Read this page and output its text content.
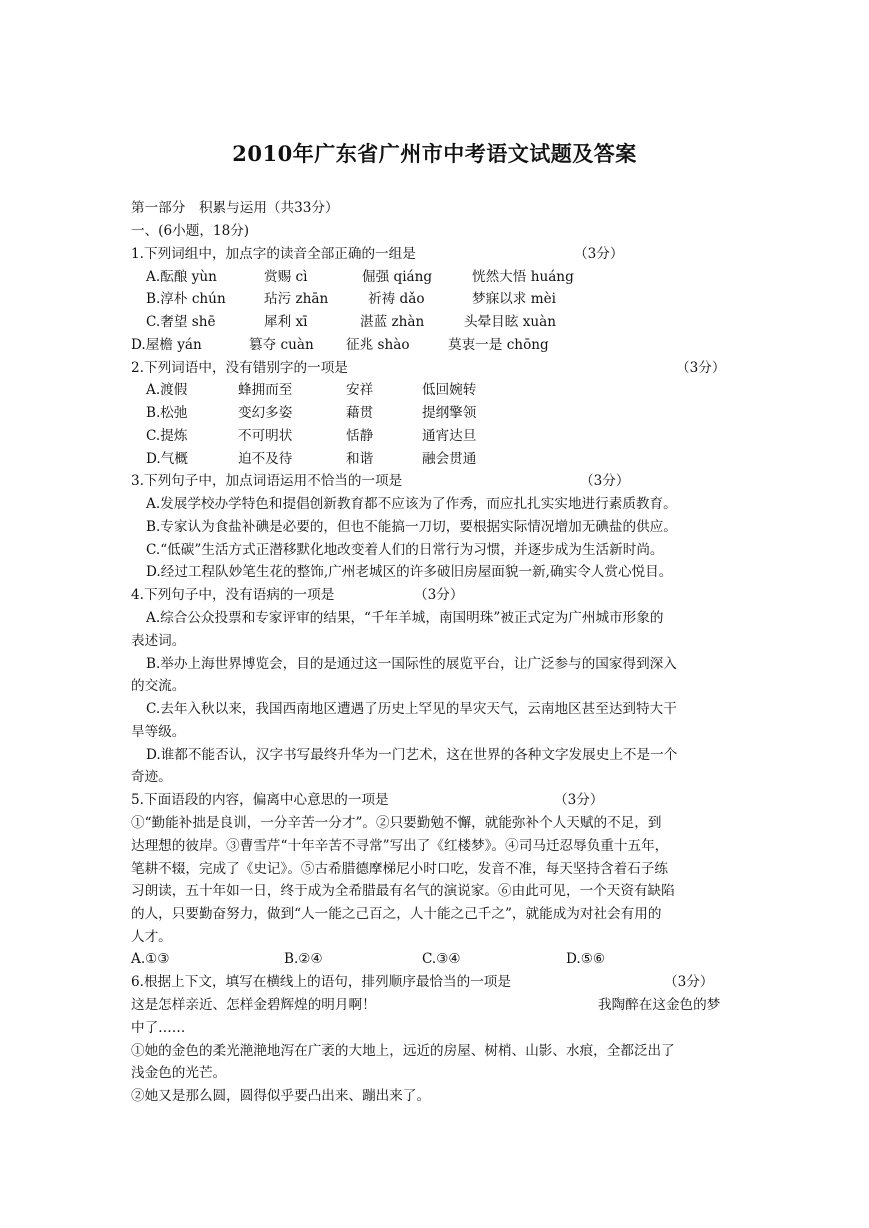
2010年广东省广州市中考语文试题及答案
第一部分　积累与运用（共33分）
一、(6小题，18分)
1.下列词组中，加点字的读音全部正确的一组是	（3分）
A.酝酿 yùn	赏赐 cì	倔强 qiáng	恍然大悟 huáng
B.淳朴 chún	玷污 zhān	祈祷 dǎo	梦寐以求 mèi
C.奢望 shē	犀利 xī	湛蓝 zhàn	头晕目眩 xuàn
D.屋檐 yán	篡夺 cuàn 征兆 shào	莫衷一是 chōng
2.下列词语中，没有错别字的一项是	（3分）
A.渡假	蜂拥而至	安祥	低回婉转
B.松弛	变幻多姿	藉贯	提纲擎领
C.提炼	不可明状	恬静	通宵达旦
D.气概	迫不及待	和谐	融会贯通
3.下列句子中，加点词语运用不恰当的一项是	（3分）
A.发展学校办学特色和提倡创新教育都不应该为了作秀，而应扎扎实实地进行素质教育。
B.专家认为食盐补碘是必要的，但也不能搞一刀切，要根据实际情况增加无碘盐的供应。
C.“低碳”生活方式正潜移默化地改变着人们的日常行为习惯，并逐步成为生活新时尚。
D.经过工程队妙笔生花的整饰,广州老城区的许多破旧房屋面貌一新,确实令人赏心悦目。
4.下列句子中，没有语病的一项是	（3分）
A.综合公众投票和专家评审的结果，“千年羊城，南国明珠”被正式定为广州城市形象的
表述词。
B.举办上海世界博览会，目的是通过这一国际性的展览平台，让广泛参与的国家得到深入
的交流。
C.去年入秋以来，我国西南地区遭遇了历史上罕见的旱灾天气，云南地区甚至达到特大干
旱等级。
D.谁都不能否认，汉字书写最终升华为一门艺术，这在世界的各种文字发展史上不是一个
奇迹。
5.下面语段的内容，偏离中心意思的一项是	（3分）
①“勤能补拙是良训，一分辛苦一分才”。②只要勤勉不懈，就能弥补个人天赋的不足，到
达理想的彼岸。③曹雪芹“十年辛苦不寻常”写出了《红楼梦》。④司马迁忍辱负重十五年，
笔耕不辍，完成了《史记》。⑤古希腊德摩梯尼小时口吃，发音不准，每天坚持含着石子练
习朗读，五十年如一日，终于成为全希腊最有名气的演说家。⑥由此可见，一个天资有缺陷
的人，只要勤奋努力，做到“人一能之己百之，人十能之己千之”，就能成为对社会有用的
人才。
A.①③	B.②④	C.③④	D.⑤⑥
6.根据上下文，填写在横线上的语句，排列顺序最恰当的一项是	（3分）
这是怎样亲近、怎样金碧辉煌的明月啊！	我陶醉在这金色的梦
中了……
①她的金色的柔光滟滟地泻在广袤的大地上，远近的房屋、树梢、山影、水痕，全都泛出了
浅金色的光芒。
②她又是那么圆，圆得似乎要凸出来、蹦出来了。
